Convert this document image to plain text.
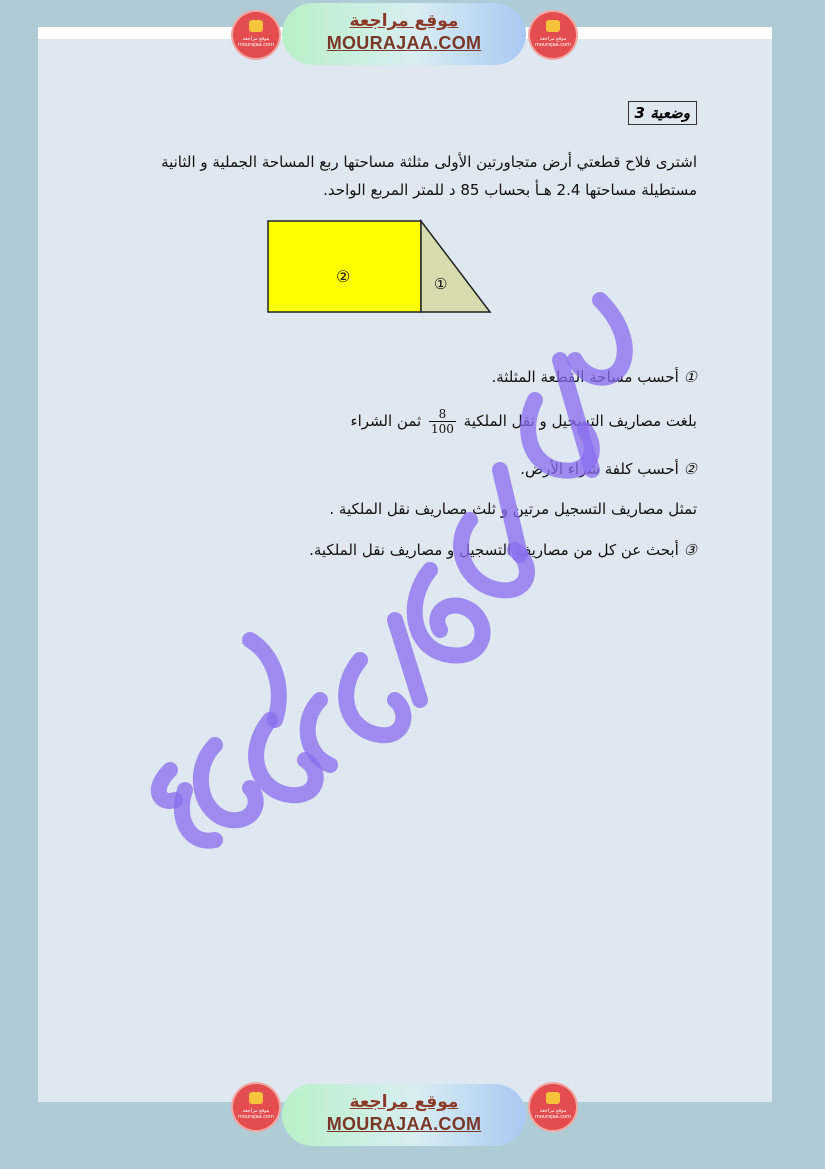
موقع مراجعة
mourajaa.com
موقع مراجعة
MOURAJAA.COM	موقع مراجعة
mourajaa.com
موقع مراجعة
mourajaa.com
موقع مراجعة
MOURAJAA.COM
موقع مراجعة
mourajaa.com
وضعية 3
اشترى فلاح قطعتي أرض متجاورتين الأولى مثلثة مساحتها ربع المساحة الجملية و الثانية
مستطيلة مساحتها 2.4 هـأ بحساب 85 د للمتر المربع الواحد.
②	①
① أحسب مساحة القطعة المثلثة.
بلغت مصاريف التسجيل و نقل الملكية
$\frac{8}{100}$
ثمن الشراء
② أحسب كلفة شراء الأرض.
تمثل مصاريف التسجيل مرتين و ثلث مصاريف نقل الملكية .
③ أبحث عن كل من مصاريف التسجيل و مصاريف نقل الملكية.
